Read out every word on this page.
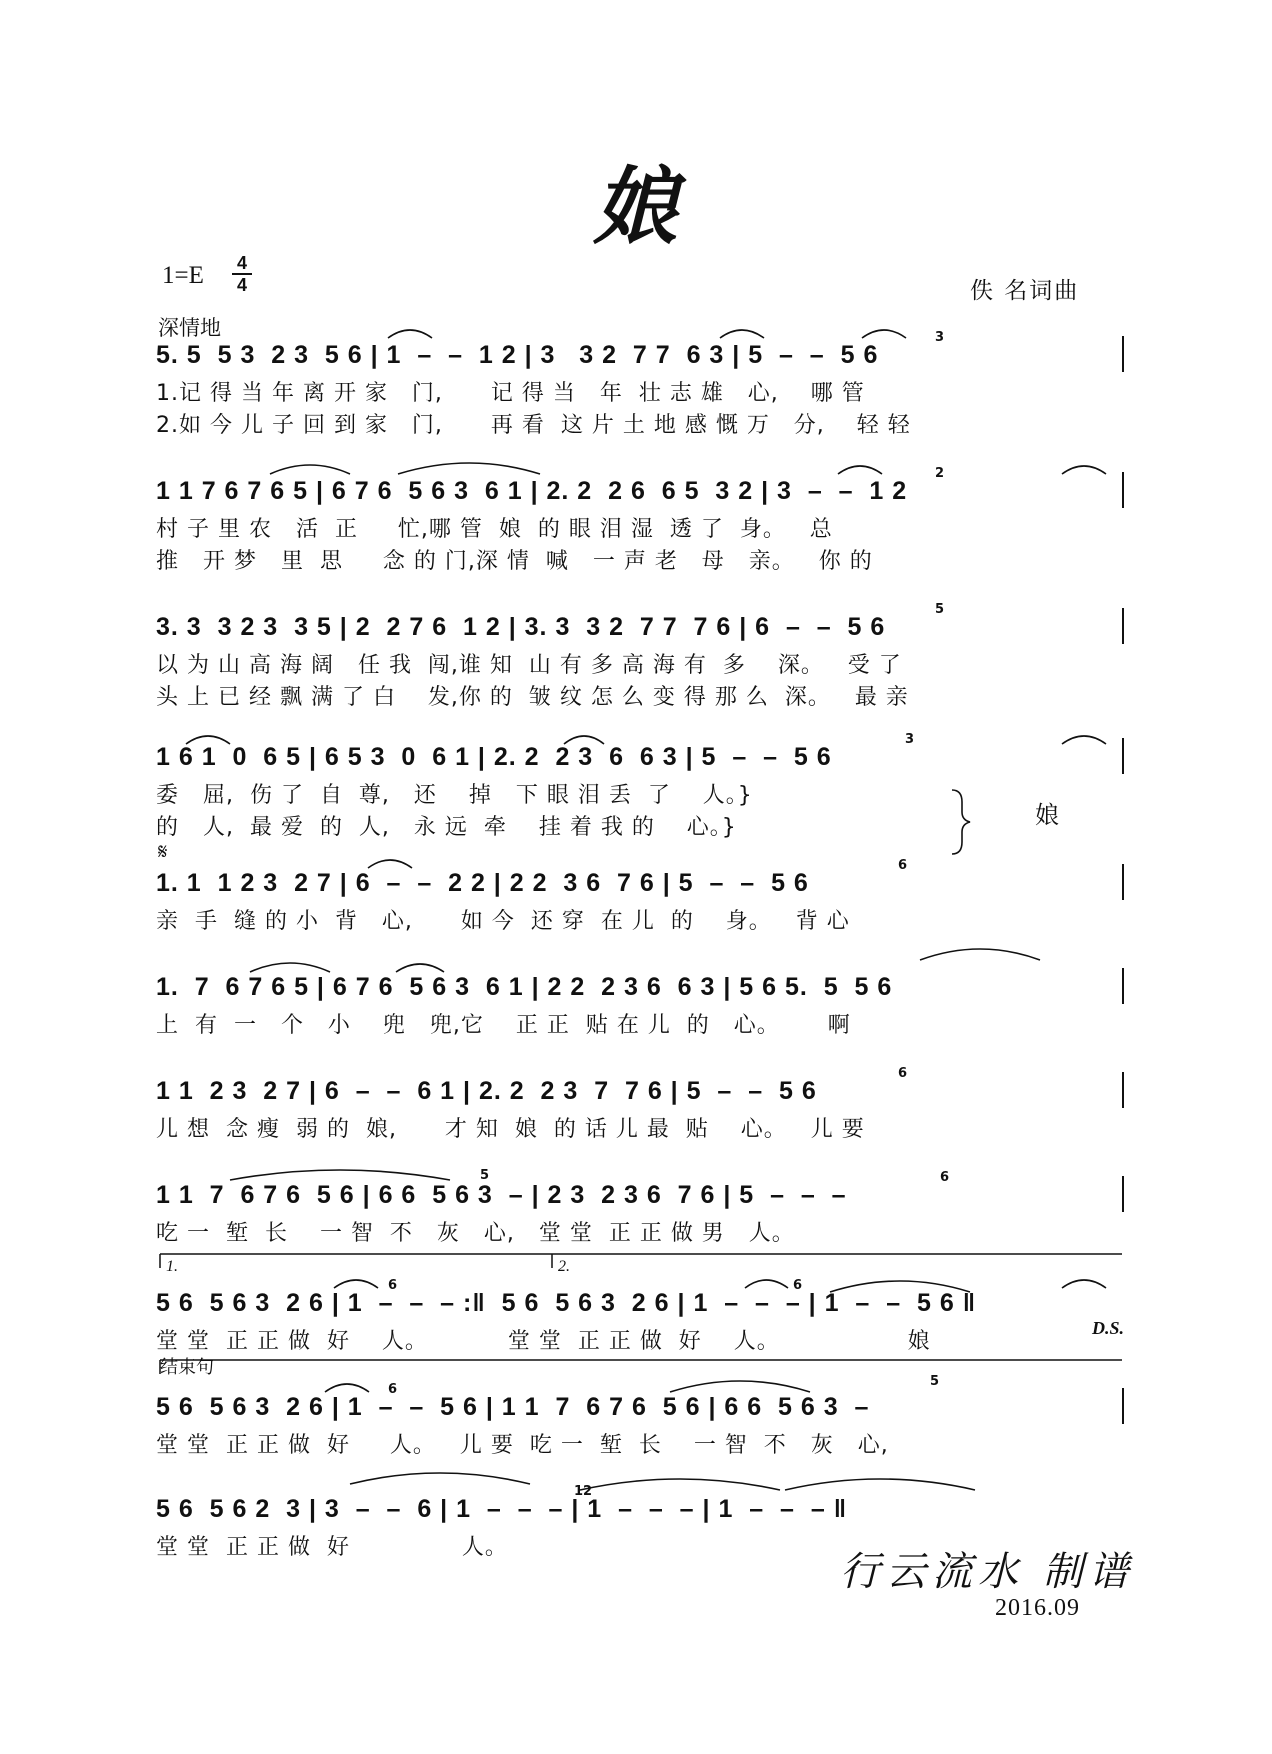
娘
1=E 4
4	佚 名词曲
深情地
5. 5  5 3  2 3  5 6 | 1  –  –  1 2 | 3   3 2  7 7  6 3 | 5  –  –  5 6
1.记 得 当 年 离 开 家   门,      记 得 当   年  壮 志 雄   心,    哪 管
2.如 今 儿 子 回 到 家   门,      再 看  这 片 土 地 感 慨 万   分,    轻 轻
1 1 7 6 7 6 5 | 6 7 6  5 6 3  6 1 | 2. 2  2 6  6 5  3 2 | 3  –  –  1 2
村 子 里 农   活  正     忙,哪 管  娘  的 眼 泪 湿  透 了  身。   总
推   开 梦   里  思     念 的 门,深 情  喊   一 声 老   母   亲。   你 的
3. 3  3 2 3  3 5 | 2  2 7 6  1 2 | 3. 3  3 2  7 7  7 6 | 6  –  –  5 6
以 为 山 高 海 阔   任 我  闯,谁 知  山 有 多 高 海 有  多    深。   受 了
头 上 已 经 飘 满 了 白    发,你 的  皱 纹 怎 么 变 得 那 么  深。   最 亲
1 6 1  0  6 5 | 6 5 3  0  6 1 | 2. 2  2 3  6  6 3 | 5  –  –  5 6
委   屈,  伤 了  自  尊,   还    掉   下 眼 泪 丢  了    人。}
的   人,  最 爱  的  人,   永 远  牵    挂 着 我 的    心。}
1. 1  1 2 3  2 7 | 6  –  –  2 2 | 2 2  3 6  7 6 | 5  –  –  5 6
亲  手  缝 的 小  背   心,      如 今  还 穿  在 儿  的    身。   背 心
1.  7  6 7 6 5 | 6 7 6  5 6 3  6 1 | 2 2  2 3 6  6 3 | 5 6 5.  5  5 6
上  有  一   个   小    兜   兜,它    正 正  贴 在 儿  的   心。      啊
1 1  2 3  2 7 | 6  –  –  6 1 | 2. 2  2 3  7  7 6 | 5  –  –  5 6
儿 想  念 瘦  弱 的  娘,      才 知  娘  的 话 儿 最  贴    心。   儿 要
1 1  7  6 7 6  5 6 | 6 6  5 6 3  – | 2 3  2 3 6  7 6 | 5  –  –  –
吃 一  堑  长    一 智  不   灰   心,   堂 堂  正 正 做 男   人。
5 6  5 6 3  2 6 | 1  –  –  – :‖  5 6  5 6 3  2 6 | 1  –  –  – | 1  –  –  5 6 ‖
堂 堂  正 正 做  好    人。          堂 堂  正 正 做  好    人。                娘
5 6  5 6 3  2 6 | 1  –  –  5 6 | 1 1  7  6 7 6  5 6 | 6 6  5 6 3  –
堂 堂  正 正 做  好     人。   儿 要  吃 一  堑  长    一 智  不   灰   心,
5 6  5 6 2  3 | 3  –  –  6 | 1  –  –  – | 1  –  –  – | 1  –  –  – ‖
堂 堂  正 正 做  好              人。
娘
D.S.
𝄋
1.	2.
结束句
3
2
5
3
6
6
6
5
6	6
6
5
12
行云流水 制谱
2016.09
